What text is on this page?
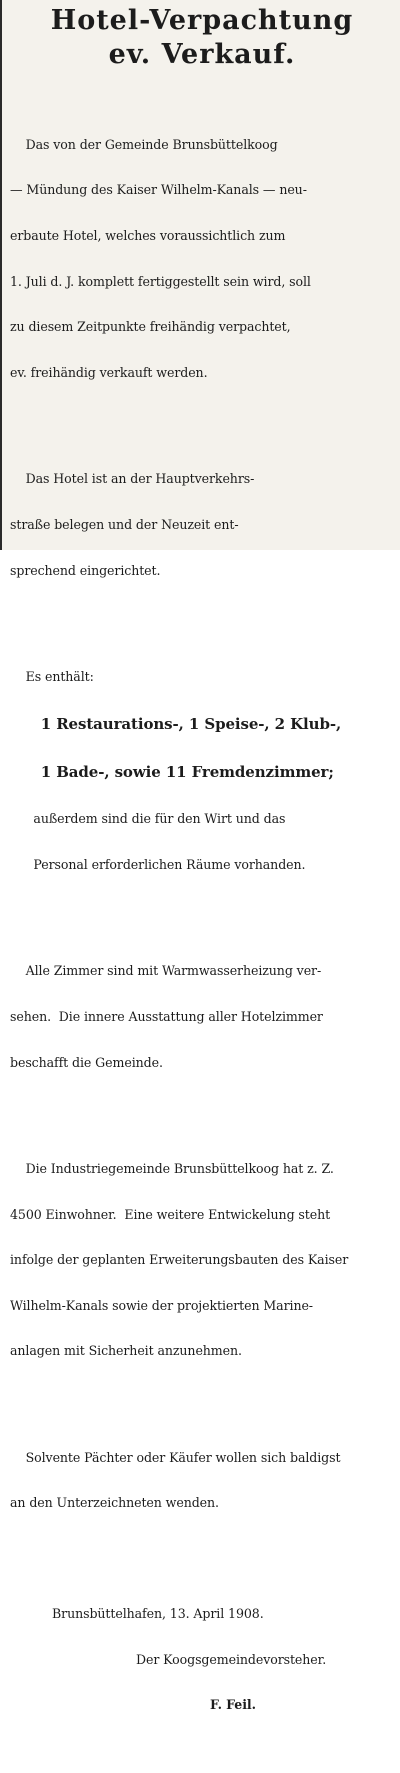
Hotel-Verpachtung
ev. Verkauf.

Das von der Gemeinde Brunsbüttelkoog

— Mündung des Kaiser Wilhelm-Kanals — neu-

erbaute Hotel, welches voraussichtlich zum

1. Juli d. J. komplett fertiggestellt sein wird, soll

zu diesem Zeitpunkte freihändig verpachtet,

ev. freihändig verkauft werden.

Das Hotel ist an der Hauptverkehrs-

straße belegen und der Neuzeit ent-

sprechend eingerichtet.

Es enthält:

1 Restaurations-, 1 Speise-, 2 Klub-,

1 Bade-, sowie 11 Fremdenzimmer;

außerdem sind die für den Wirt und das

Personal erforderlichen Räume vorhanden.

Alle Zimmer sind mit Warmwasserheizung ver-

sehen.  Die innere Ausstattung aller Hotelzimmer

beschafft die Gemeinde.

Die Industriegemeinde Brunsbüttelkoog hat z. Z.

4500 Einwohner.  Eine weitere Entwickelung steht

infolge der geplanten Erweiterungsbauten des Kaiser

Wilhelm-Kanals sowie der projektierten Marine-

anlagen mit Sicherheit anzunehmen.

Solvente Pächter oder Käufer wollen sich baldigst

an den Unterzeichneten wenden.

Brunsbüttelhafen, 13. April 1908.

Der Koogsgemeindevorsteher.

F. Feil.
